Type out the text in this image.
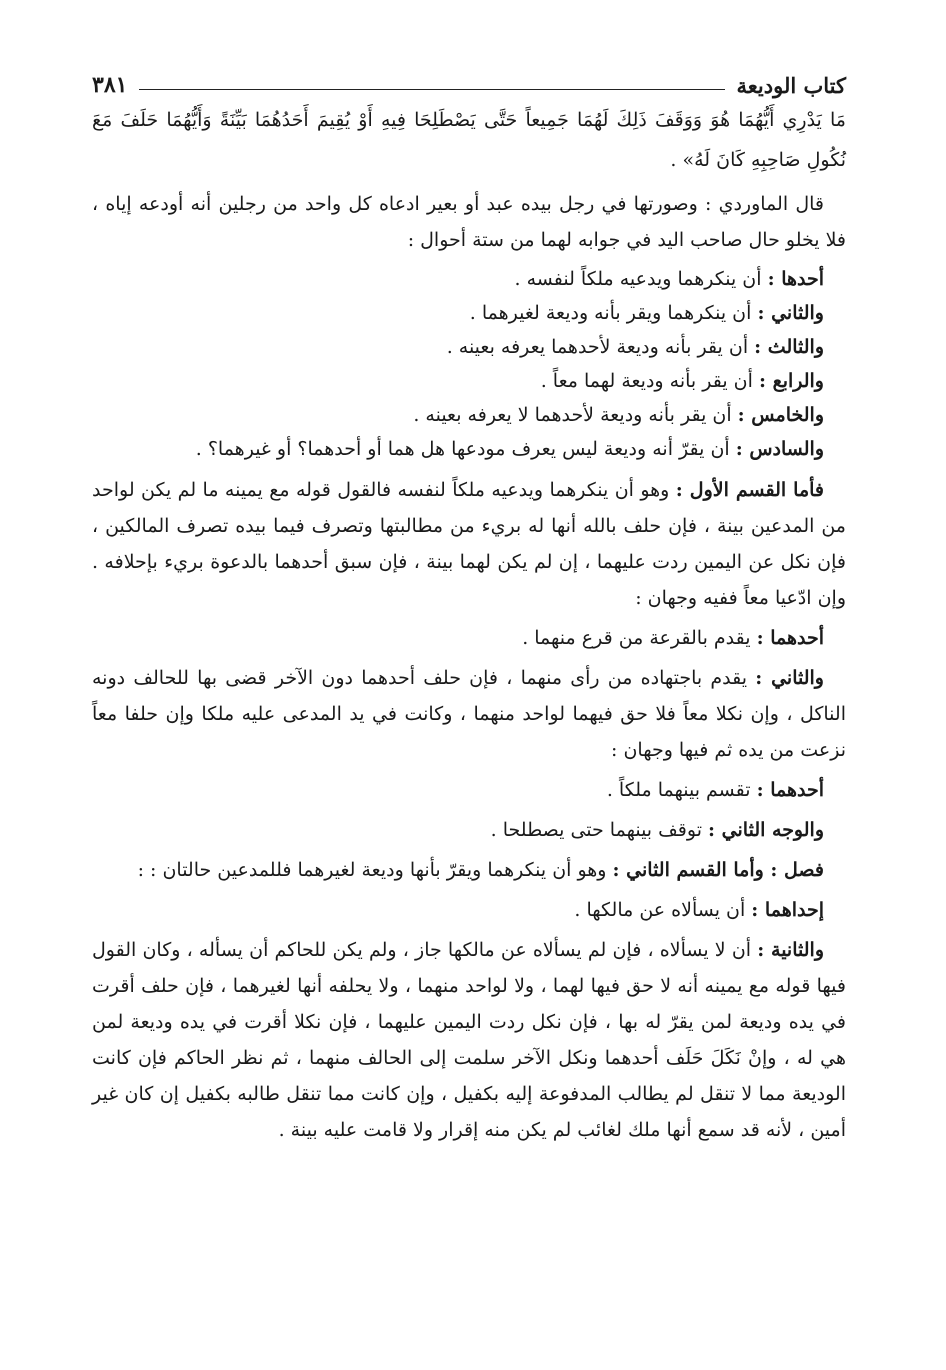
كتاب الوديعة
٣٨١

مَا يَدْرِي أَيُّهُمَا هُوَ وَوَقَفَ ذَلِكَ لَهُمَا جَمِيعاً حَتَّى يَصْطَلِحَا فِيهِ أَوْ يُقِيمَ أَحَدُهُمَا بَيِّنَةً وَأَيُّهُمَا حَلَفَ مَعَ نُكُولِ صَاحِبِهِ كَانَ لَهُ» .

قال الماوردي : وصورتها في رجل بيده عبد أو بعير ادعاه كل واحد من رجلين أنه أودعه إياه ، فلا يخلو حال صاحب اليد في جوابه لهما من ستة أحوال :

أحدها : أن ينكرهما ويدعيه ملكاً لنفسه .

والثاني : أن ينكرهما ويقر بأنه وديعة لغيرهما .

والثالث : أن يقر بأنه وديعة لأحدهما يعرفه بعينه .

والرابع : أن يقر بأنه وديعة لهما معاً .

والخامس : أن يقر بأنه وديعة لأحدهما لا يعرفه بعينه .

والسادس : أن يقرّ أنه وديعة ليس يعرف مودعها هل هما أو أحدهما؟ أو غيرهما؟ .

فأما القسم الأول : وهو أن ينكرهما ويدعيه ملكاً لنفسه فالقول قوله مع يمينه ما لم يكن لواحد من المدعين بينة ، فإن حلف بالله أنها له بريء من مطالبتها وتصرف فيما بيده تصرف المالكين ، فإن نكل عن اليمين ردت عليهما ، إن لم يكن لهما بينة ، فإن سبق أحدهما بالدعوة بريء بإحلافه . وإن ادّعيا معاً ففيه وجهان :

أحدهما : يقدم بالقرعة من قرع منهما .

والثاني : يقدم باجتهاده من رأى منهما ، فإن حلف أحدهما دون الآخر قضى بها للحالف دونه الناكل ، وإن نكلا معاً فلا حق فيهما لواحد منهما ، وكانت في يد المدعى عليه ملكا وإن حلفا معاً نزعت من يده ثم فيها وجهان :

أحدهما : تقسم بينهما ملكاً .

والوجه الثاني : توقف بينهما حتى يصطلحا .

فصل : وأما القسم الثاني : وهو أن ينكرهما ويقرّ بأنها وديعة لغيرهما فللمدعين حالتان : :

إحداهما : أن يسألاه عن مالكها .

والثانية : أن لا يسألاه ، فإن لم يسألاه عن مالكها جاز ، ولم يكن للحاكم أن يسأله ، وكان القول فيها قوله مع يمينه أنه لا حق فيها لهما ، ولا لواحد منهما ، ولا يحلفه أنها لغيرهما ، فإن حلف أقرت في يده وديعة لمن يقرّ له بها ، فإن نكل ردت اليمين عليهما ، فإن نكلا أقرت في يده وديعة لمن هي له ، وإنْ نَكَلَ حَلَف أحدهما ونكل الآخر سلمت إلى الحالف منهما ، ثم نظر الحاكم فإن كانت الوديعة مما لا تنقل لم يطالب المدفوعة إليه بكفيل ، وإن كانت مما تنقل طالبه بكفيل إن كان غير أمين ، لأنه قد سمع أنها ملك لغائب لم يكن منه إقرار ولا قامت عليه بينة .
